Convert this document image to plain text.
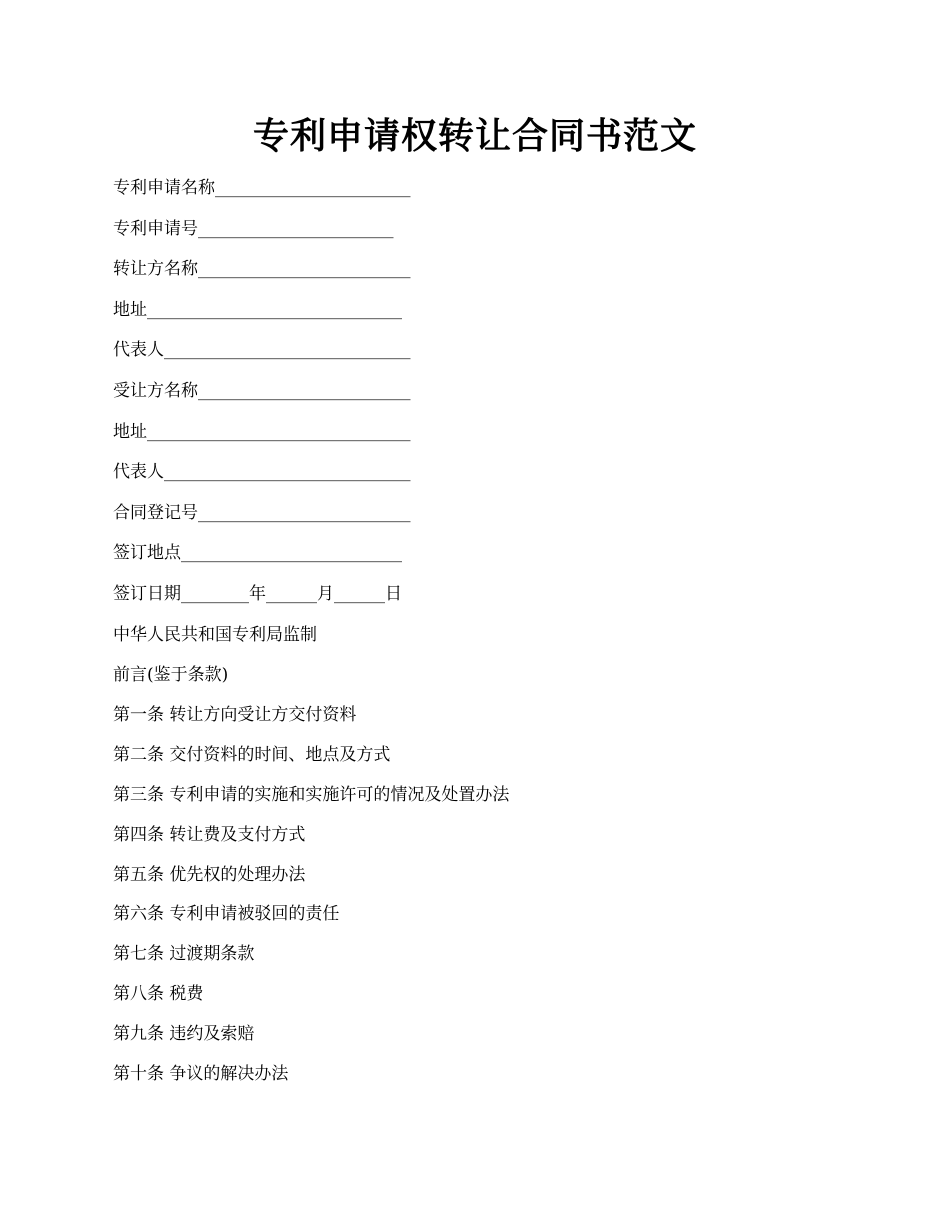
专利申请权转让合同书范文
专利申请名称_______________________
专利申请号_______________________
转让方名称_________________________
地址______________________________
代表人_____________________________
受让方名称_________________________
地址_______________________________
代表人_____________________________
合同登记号_________________________
签订地点__________________________
签订日期________年______月______日
中华人民共和国专利局监制
前言(鉴于条款)
第一条 转让方向受让方交付资料
第二条 交付资料的时间、地点及方式
第三条 专利申请的实施和实施许可的情况及处置办法
第四条 转让费及支付方式
第五条 优先权的处理办法
第六条 专利申请被驳回的责任
第七条 过渡期条款
第八条 税费
第九条 违约及索赔
第十条 争议的解决办法
